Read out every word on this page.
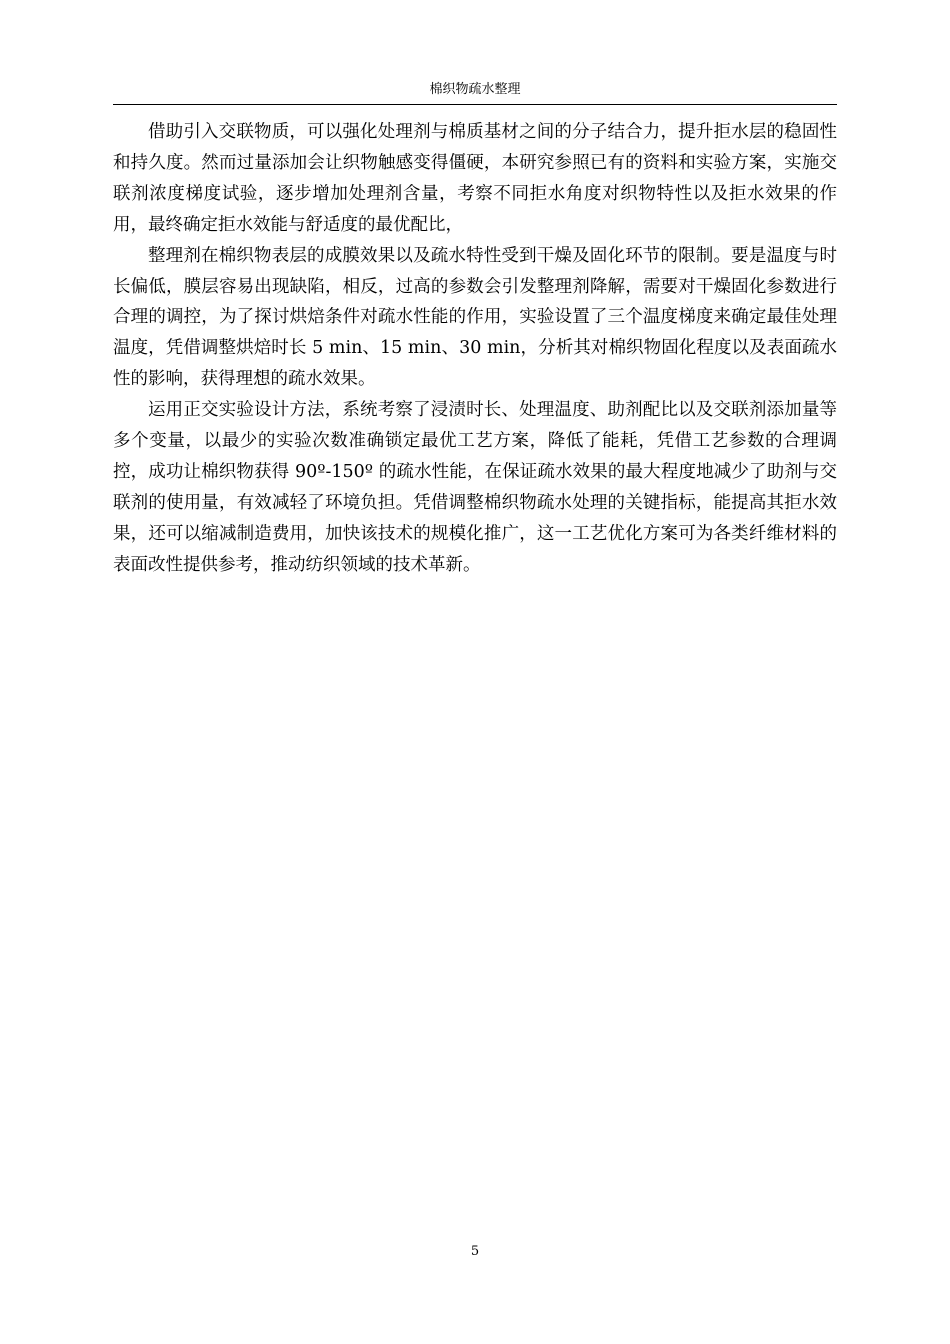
棉织物疏水整理

借助引入交联物质，可以强化处理剂与棉质基材之间的分子结合力，提升拒水层的稳固性和持久度。然而过量添加会让织物触感变得僵硬，本研究参照已有的资料和实验方案，实施交联剂浓度梯度试验，逐步增加处理剂含量，考察不同拒水角度对织物特性以及拒水效果的作用，最终确定拒水效能与舒适度的最优配比，

整理剂在棉织物表层的成膜效果以及疏水特性受到干燥及固化环节的限制。要是温度与时长偏低，膜层容易出现缺陷，相反，过高的参数会引发整理剂降解，需要对干燥固化参数进行合理的调控，为了探讨烘焙条件对疏水性能的作用，实验设置了三个温度梯度来确定最佳处理温度，凭借调整烘焙时长 5 min、15 min、30 min，分析其对棉织物固化程度以及表面疏水性的影响，获得理想的疏水效果。

运用正交实验设计方法，系统考察了浸渍时长、处理温度、助剂配比以及交联剂添加量等多个变量，以最少的实验次数准确锁定最优工艺方案，降低了能耗，凭借工艺参数的合理调控，成功让棉织物获得 90º-150º 的疏水性能，在保证疏水效果的最大程度地减少了助剂与交联剂的使用量，有效减轻了环境负担。凭借调整棉织物疏水处理的关键指标，能提高其拒水效果，还可以缩减制造费用，加快该技术的规模化推广，这一工艺优化方案可为各类纤维材料的表面改性提供参考，推动纺织领域的技术革新。

5
